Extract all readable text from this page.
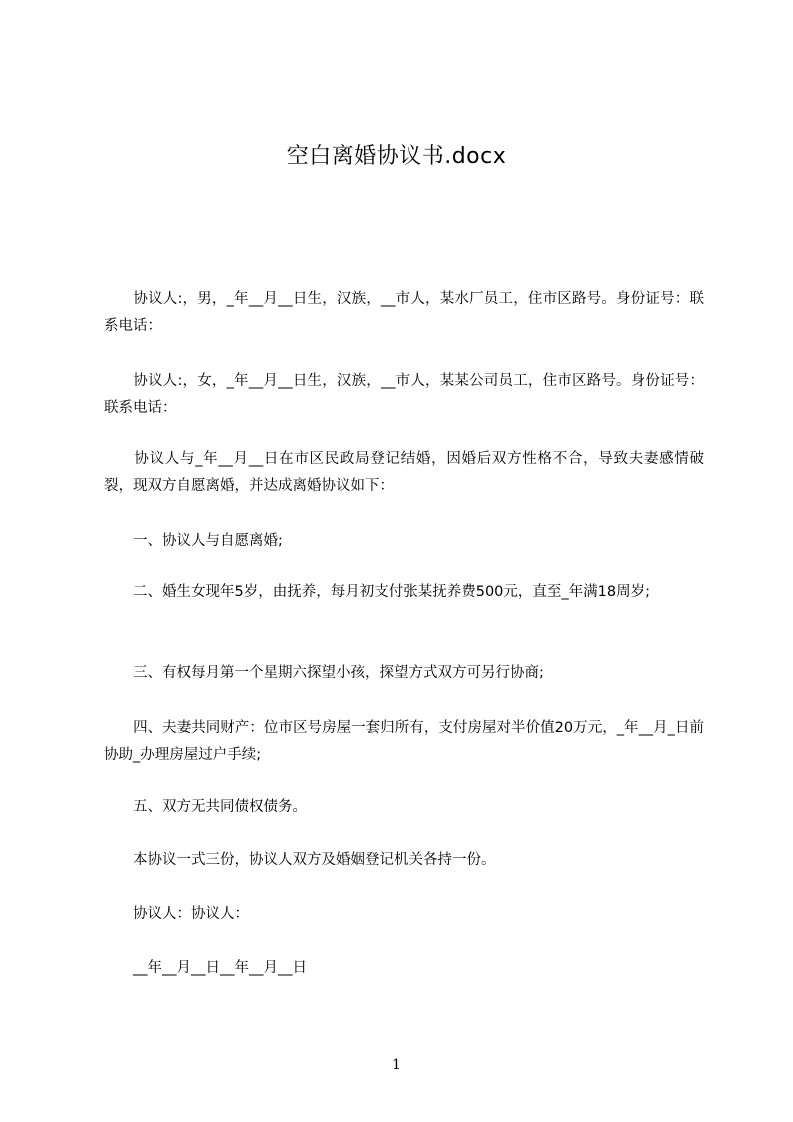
空白离婚协议书.docx

　　协议人:，男，_年__月__日生，汉族，__市人，某水厂员工，住市区路号。身份证号：联系电话：

　　协议人:，女，_年__月__日生，汉族，__市人，某某公司员工，住市区路号。身份证号：联系电话：

　　协议人与_年__月__日在市区民政局登记结婚，因婚后双方性格不合，导致夫妻感情破裂，现双方自愿离婚，并达成离婚协议如下：

　　一、协议人与自愿离婚;

　　二、婚生女现年5岁，由抚养，每月初支付张某抚养费500元，直至_年满18周岁;

　　三、有权每月第一个星期六探望小孩，探望方式双方可另行协商;

　　四、夫妻共同财产：位市区号房屋一套归所有，支付房屋对半价值20万元，_年__月_日前协助_办理房屋过户手续;

　　五、双方无共同债权债务。

　　本协议一式三份，协议人双方及婚姻登记机关各持一份。

　　协议人：协议人：

　　__年__月__日__年__月__日

1
